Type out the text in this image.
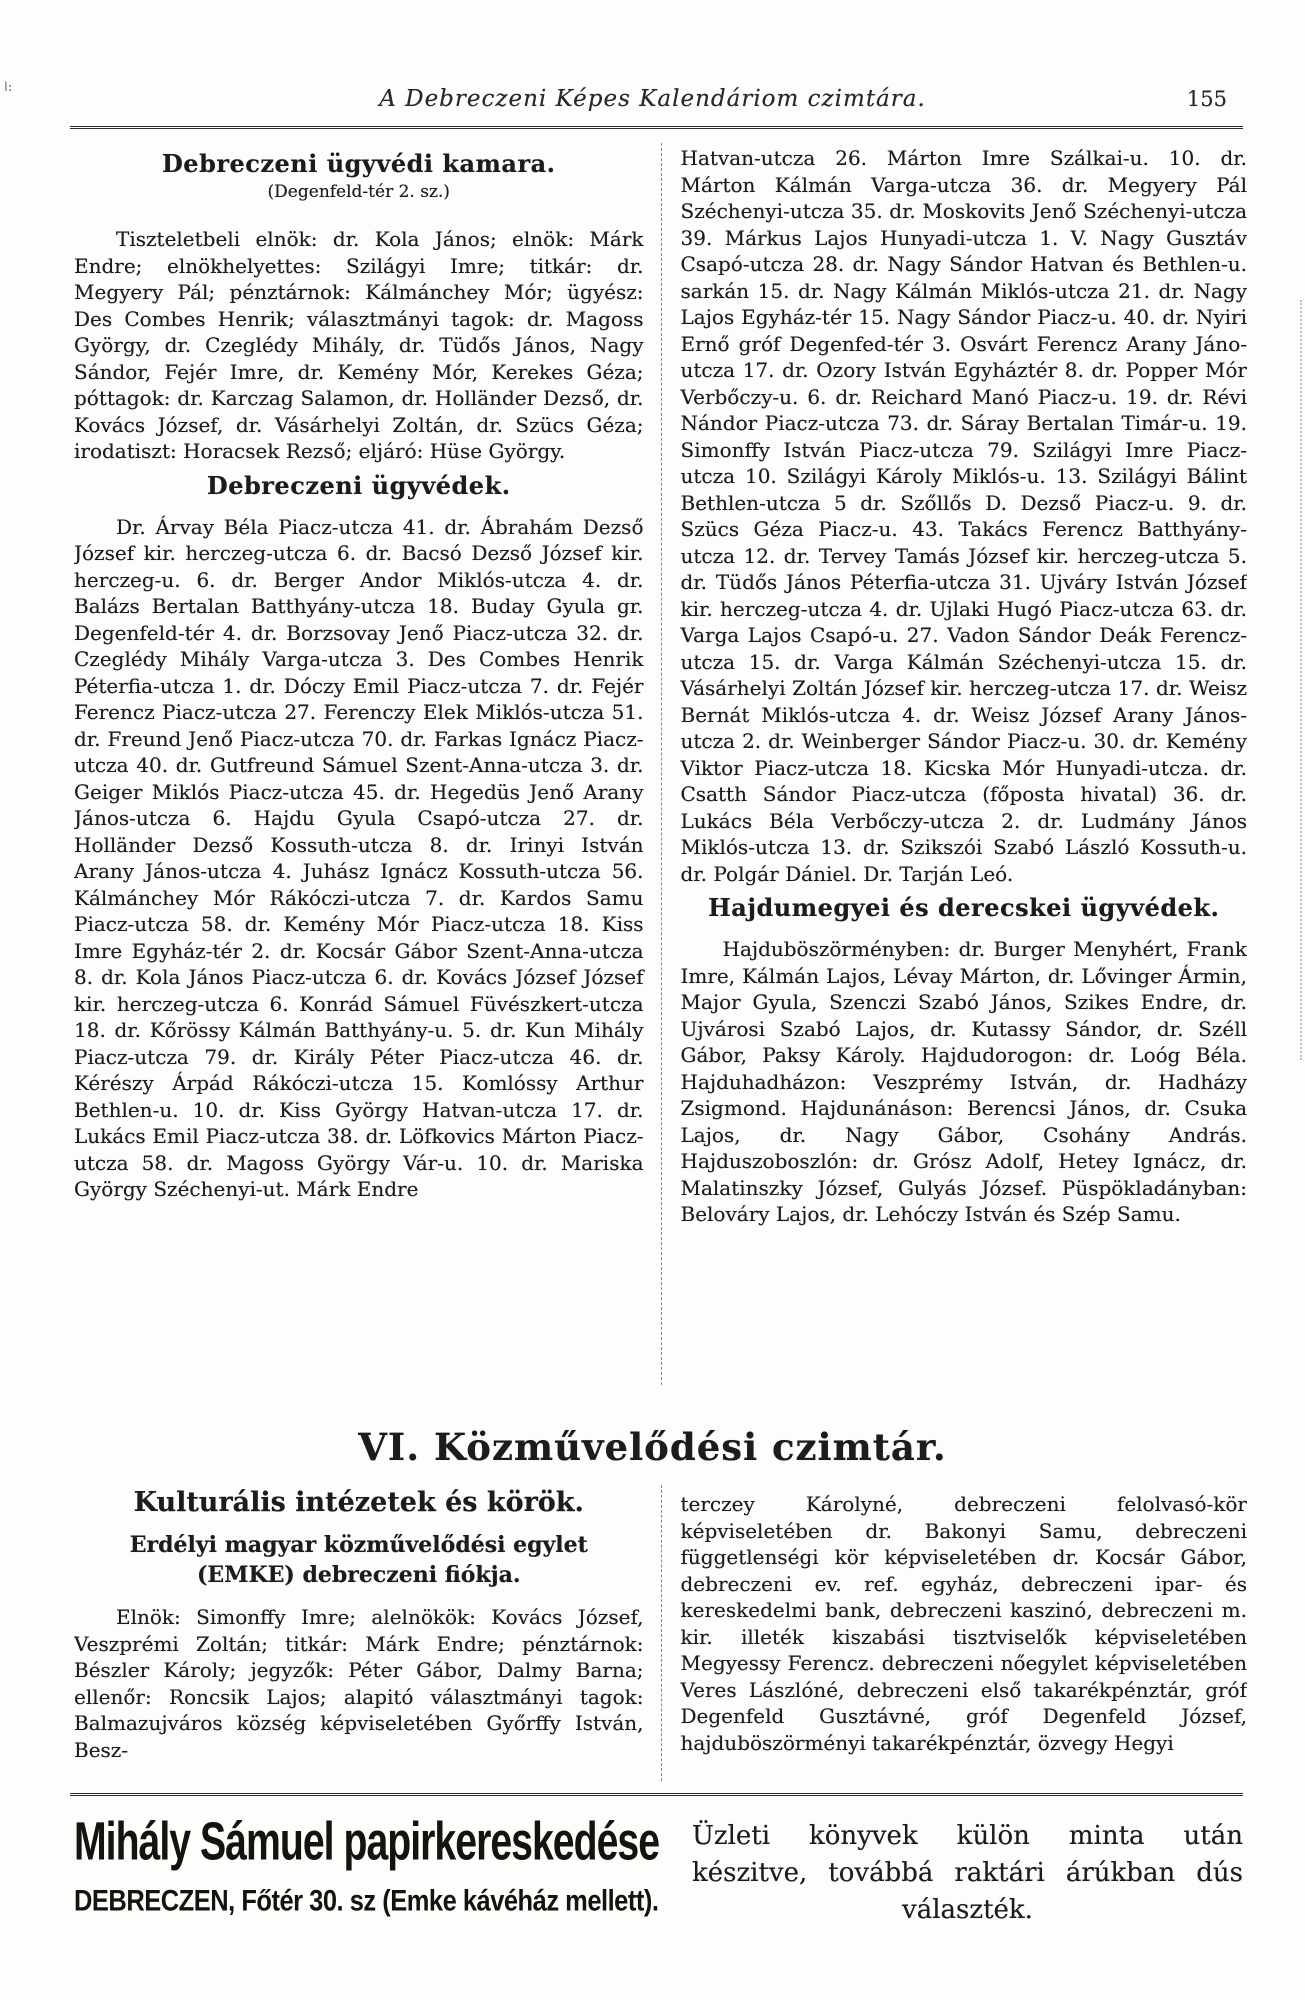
ǀ:	A Debreczeni Képes Kalendáriom czimtára.	155
Debreczeni ügyvédi kamara.
(Degenfeld-tér 2. sz.)

Tiszteletbeli elnök: dr. Kola János; elnök: Márk Endre; elnökhelyettes: Szilágyi Imre; titkár: dr. Megyery Pál; pénztárnok: Kálmánchey Mór; ügyész: Des Combes Henrik; választmányi tagok: dr. Magoss György, dr. Czeglédy Mihály, dr. Tüdős János, Nagy Sándor, Fejér Imre, dr. Kemény Mór, Kerekes Géza; póttagok: dr. Karczag Salamon, dr. Holländer Dezső, dr. Kovács József, dr. Vásárhelyi Zoltán, dr. Szücs Géza; irodatiszt: Horacsek Rezső; eljáró: Hüse György.

Debreczeni ügyvédek.

Dr. Árvay Béla Piacz-utcza 41. dr. Ábrahám Dezső József kir. herczeg-utcza 6. dr. Bacsó Dezső József kir. herczeg-u. 6. dr. Berger Andor Miklós-utcza 4. dr. Balázs Bertalan Batthyány-utcza 18. Buday Gyula gr. Degenfeld-tér 4. dr. Borzsovay Jenő Piacz-utcza 32. dr. Czeglédy Mihály Varga-utcza 3. Des Combes Henrik Péterfia-utcza 1. dr. Dóczy Emil Piacz-utcza 7. dr. Fejér Ferencz Piacz-utcza 27. Ferenczy Elek Miklós-utcza 51. dr. Freund Jenő Piacz-utcza 70. dr. Farkas Ignácz Piacz-utcza 40. dr. Gutfreund Sámuel Szent-Anna-utcza 3. dr. Geiger Miklós Piacz-utcza 45. dr. Hegedüs Jenő Arany János-utcza 6. Hajdu Gyula Csapó-utcza 27. dr. Holländer Dezső Kossuth-utcza 8. dr. Irinyi István Arany János-utcza 4. Juhász Ignácz Kossuth-utcza 56. Kálmánchey Mór Rákóczi-utcza 7. dr. Kardos Samu Piacz-utcza 58. dr. Kemény Mór Piacz-utcza 18. Kiss Imre Egyház-tér 2. dr. Kocsár Gábor Szent-Anna-utcza 8. dr. Kola János Piacz-utcza 6. dr. Kovács József József kir. herczeg-utcza 6. Konrád Sámuel Füvészkert-utcza 18. dr. Kőrössy Kálmán Batthyány-u. 5. dr. Kun Mihály Piacz-utcza 79. dr. Király Péter Piacz-utcza 46. dr. Kérészy Árpád Rákóczi-utcza 15. Komlóssy Arthur Bethlen-u. 10. dr. Kiss György Hatvan-utcza 17. dr. Lukács Emil Piacz-utcza 38. dr. Löfkovics Márton Piacz-utcza 58. dr. Magoss György Vár-u. 10. dr. Mariska György Széchenyi-ut. Márk Endre

Hatvan-utcza 26. Márton Imre Szálkai-u. 10. dr. Márton Kálmán Varga-utcza 36. dr. Megyery Pál Széchenyi-utcza 35. dr. Moskovits Jenő Széchenyi-utcza 39. Márkus Lajos Hunyadi-utcza 1. V. Nagy Gusztáv Csapó-utcza 28. dr. Nagy Sándor Hatvan és Bethlen-u. sarkán 15. dr. Nagy Kálmán Miklós-utcza 21. dr. Nagy Lajos Egyház-tér 15. Nagy Sándor Piacz-u. 40. dr. Nyiri Ernő gróf Degenfed-tér 3. Osvárt Ferencz Arany Jáno-utcza 17. dr. Ozory István Egyháztér 8. dr. Popper Mór Verbőczy-u. 6. dr. Reichard Manó Piacz-u. 19. dr. Révi Nándor Piacz-utcza 73. dr. Sáray Bertalan Timár-u. 19. Simonffy István Piacz-utcza 79. Szilágyi Imre Piacz-utcza 10. Szilágyi Károly Miklós-u. 13. Szilágyi Bálint Bethlen-utcza 5 dr. Szőllős D. Dezső Piacz-u. 9. dr. Szücs Géza Piacz-u. 43. Takács Ferencz Batthyány-utcza 12. dr. Tervey Tamás József kir. herczeg-utcza 5. dr. Tüdős János Péterfia-utcza 31. Ujváry István József kir. herczeg-utcza 4. dr. Ujlaki Hugó Piacz-utcza 63. dr. Varga Lajos Csapó-u. 27. Vadon Sándor Deák Ferencz-utcza 15. dr. Varga Kálmán Széchenyi-utcza 15. dr. Vásárhelyi Zoltán József kir. herczeg-utcza 17. dr. Weisz Bernát Miklós-utcza 4. dr. Weisz József Arany János-utcza 2. dr. Weinberger Sándor Piacz-u. 30. dr. Kemény Viktor Piacz-utcza 18. Kicska Mór Hunyadi-utcza. dr. Csatth Sándor Piacz-utcza (főposta hivatal) 36. dr. Lukács Béla Verbőczy-utcza 2. dr. Ludmány János Miklós-utcza 13. dr. Szikszói Szabó László Kossuth-u. dr. Polgár Dániel. Dr. Tarján Leó.

Hajdumegyei és derecskei ügyvédek.

Hajduböszörményben: dr. Burger Menyhért, Frank Imre, Kálmán Lajos, Lévay Márton, dr. Lővinger Ármin, Major Gyula, Szenczi Szabó János, Szikes Endre, dr. Ujvárosi Szabó Lajos, dr. Kutassy Sándor, dr. Széll Gábor, Paksy Károly. Hajdudorogon: dr. Loóg Béla. Hajduhadházon: Veszprémy István, dr. Hadházy Zsigmond. Hajdunánáson: Berencsi János, dr. Csuka Lajos, dr. Nagy Gábor, Csohány András. Hajduszoboszlón: dr. Grósz Adolf, Hetey Ignácz, dr. Malatinszky József, Gulyás József. Püspökladányban: Belováry Lajos, dr. Lehóczy István és Szép Samu.

VI. Közművelődési czimtár.
Kulturális intézetek és körök.
Erdélyi magyar közművelődési egylet (EMKE) debreczeni fiókja.

Elnök: Simonffy Imre; alelnökök: Kovács József, Veszprémi Zoltán; titkár: Márk Endre; pénztárnok: Bészler Károly; jegyzők: Péter Gábor, Dalmy Barna; ellenőr: Roncsik Lajos; alapitó választmányi tagok: Balmazujváros község képviseletében Győrffy István, Besz-

terczey Károlyné, debreczeni felolvasó-kör képviseletében dr. Bakonyi Samu, debreczeni függetlenségi kör képviseletében dr. Kocsár Gábor, debreczeni ev. ref. egyház, debreczeni ipar- és kereskedelmi bank, debreczeni kaszinó, debreczeni m. kir. illeték kiszabási tisztviselők képviseletében Megyessy Ferencz. debreczeni nőegylet képviseletében Veres Lászlóné, debreczeni első takarékpénztár, gróf Degenfeld Gusztávné, gróf Degenfeld József, hajduböszörményi takarékpénztár, özvegy Hegyi

Mihály Sámuel papirkereskedése
DEBRECZEN, Főtér 30. sz (Emke kávéház mellett).

Üzleti könyvek külön minta után készitve, továbbá raktári árúkban dús választék.
